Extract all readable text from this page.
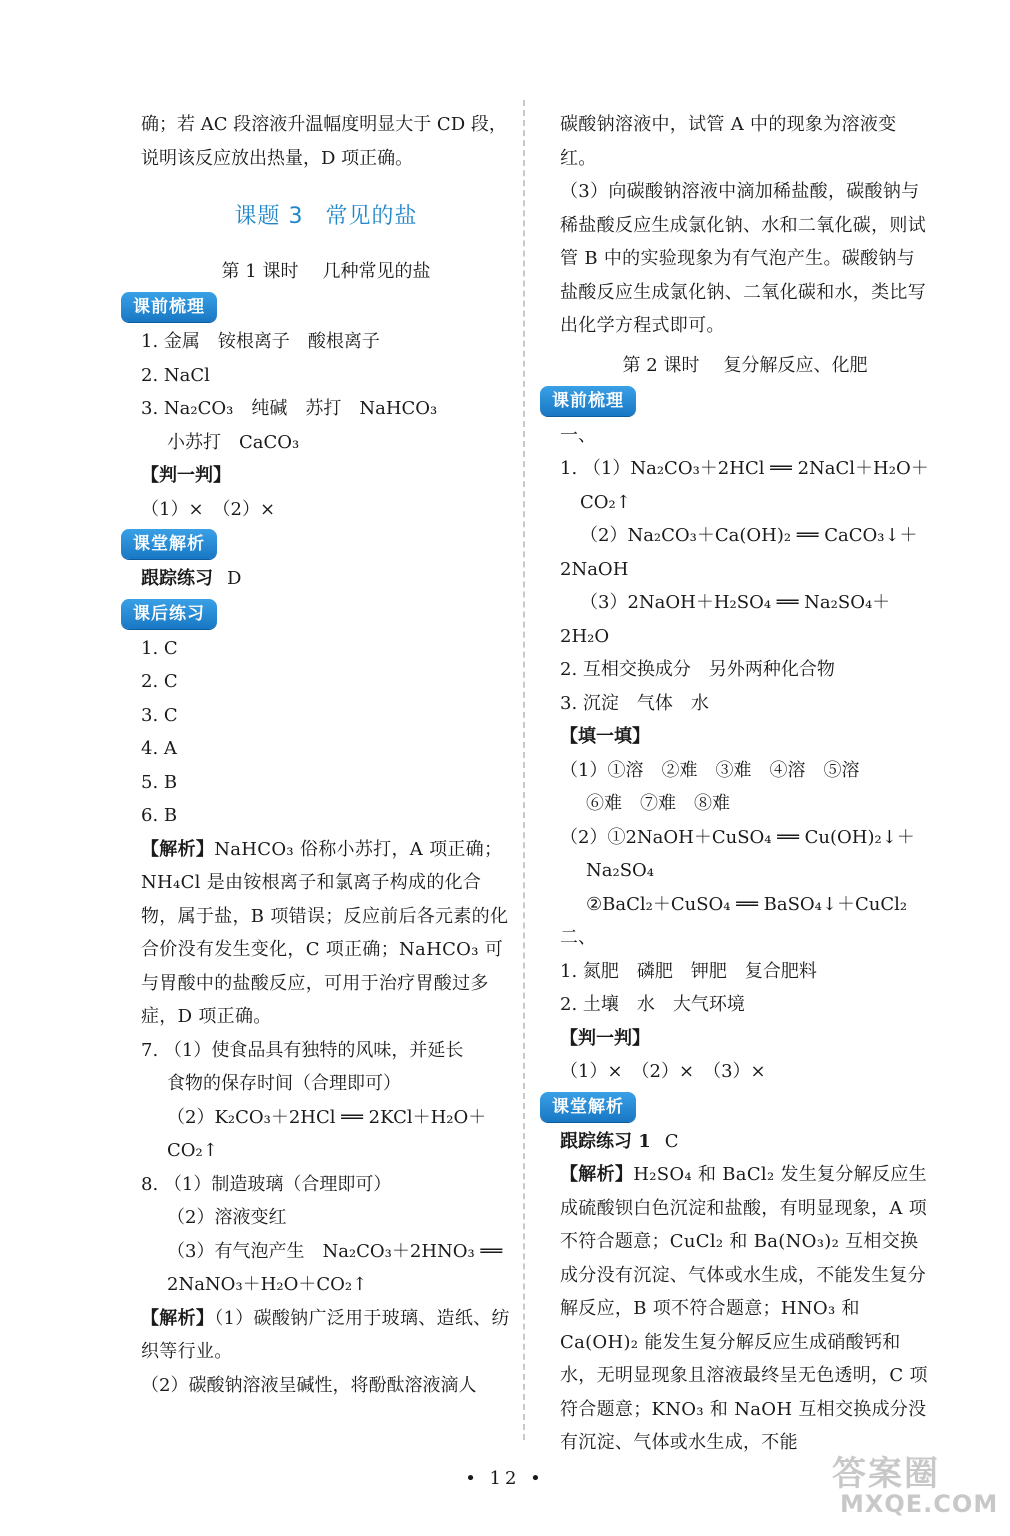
确；若 AC 段溶液升温幅度明显大于 CD 段，
说明该反应放出热量，D 项正确。
课题 3 常见的盐
第 1 课时 几种常见的盐
课前梳理
1. 金属　铵根离子　酸根离子
2. NaCl
3. Na₂CO₃　纯碱　苏打　NaHCO₃
小苏打　CaCO₃
【判一判】
（1）×　（2）×
课堂解析
跟踪练习 D
课后练习
1. C
2. C
3. C
4. A
5. B
6. B
【解析】NaHCO₃ 俗称小苏打，A 项正确；NH₄Cl 是由铵根离子和氯离子构成的化合物，属于盐，B 项错误；反应前后各元素的化合价没有发生变化，C 项正确；NaHCO₃ 可与胃酸中的盐酸反应，可用于治疗胃酸过多症，D 项正确。
7. （1）使食品具有独特的风味，并延长
食物的保存时间（合理即可）
（2）K₂CO₃＋2HCl ══ 2KCl＋H₂O＋
CO₂↑
8. （1）制造玻璃（合理即可）
（2）溶液变红
（3）有气泡产生　Na₂CO₃＋2HNO₃ ══
2NaNO₃＋H₂O＋CO₂↑
【解析】（1）碳酸钠广泛用于玻璃、造纸、纺织等行业。
（2）碳酸钠溶液呈碱性，将酚酞溶液滴人
碳酸钠溶液中，试管 A 中的现象为溶液变红。
（3）向碳酸钠溶液中滴加稀盐酸，碳酸钠与稀盐酸反应生成氯化钠、水和二氧化碳，则试管 B 中的实验现象为有气泡产生。碳酸钠与盐酸反应生成氯化钠、二氧化碳和水，类比写出化学方程式即可。
第 2 课时 复分解反应、化肥
课前梳理
一、
1. （1）Na₂CO₃＋2HCl ══ 2NaCl＋H₂O＋
CO₂↑
（2）Na₂CO₃＋Ca(OH)₂ ══ CaCO₃↓＋
2NaOH
（3）2NaOH＋H₂SO₄ ══ Na₂SO₄＋
2H₂O
2. 互相交换成分　另外两种化合物
3. 沉淀　气体　水
【填一填】
（1）①溶　②难　③难　④溶　⑤溶
⑥难　⑦难　⑧难
（2）①2NaOH＋CuSO₄ ══ Cu(OH)₂↓＋
Na₂SO₄
②BaCl₂＋CuSO₄ ══ BaSO₄↓＋CuCl₂
二、
1. 氮肥　磷肥　钾肥　复合肥料
2. 土壤　水　大气环境
【判一判】
（1）×　（2）×　（3）×
课堂解析
跟踪练习 1 C
【解析】H₂SO₄ 和 BaCl₂ 发生复分解反应生成硫酸钡白色沉淀和盐酸，有明显现象，A 项不符合题意；CuCl₂ 和 Ba(NO₃)₂ 互相交换成分没有沉淀、气体或水生成，不能发生复分解反应，B 项不符合题意；HNO₃ 和 Ca(OH)₂ 能发生复分解反应生成硝酸钙和水，无明显现象且溶液最终呈无色透明，C 项符合题意；KNO₃ 和 NaOH 互相交换成分没有沉淀、气体或水生成，不能
• 12 •	答案圈
MXQE.COM
